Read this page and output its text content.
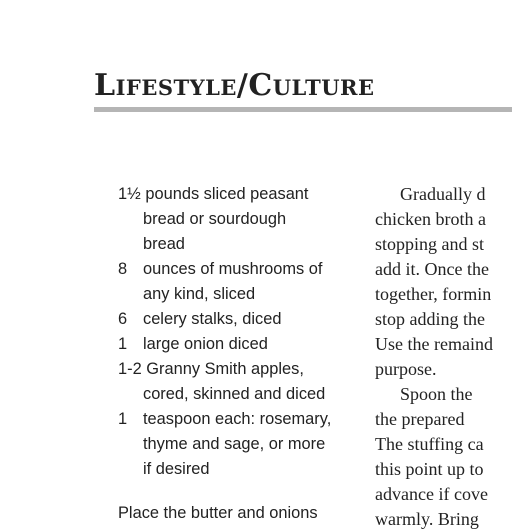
Lifestyle/Culture
1½ pounds sliced peasant
bread or sourdough
bread
8 ounces of mushrooms of
any kind, sliced
6 celery stalks, diced
1 large onion diced
1-2 Granny Smith apples,
cored, skinned and diced
1 teaspoon each: rosemary,
thyme and sage, or more
if desired
Place the butter and onions
Gradually d
chicken broth a
stopping and st
add it. Once the
together, formin
stop adding the
Use the remaind
purpose.
Spoon the
the prepared
The stuffing ca
this point up to
advance if cove
warmly. Bring
